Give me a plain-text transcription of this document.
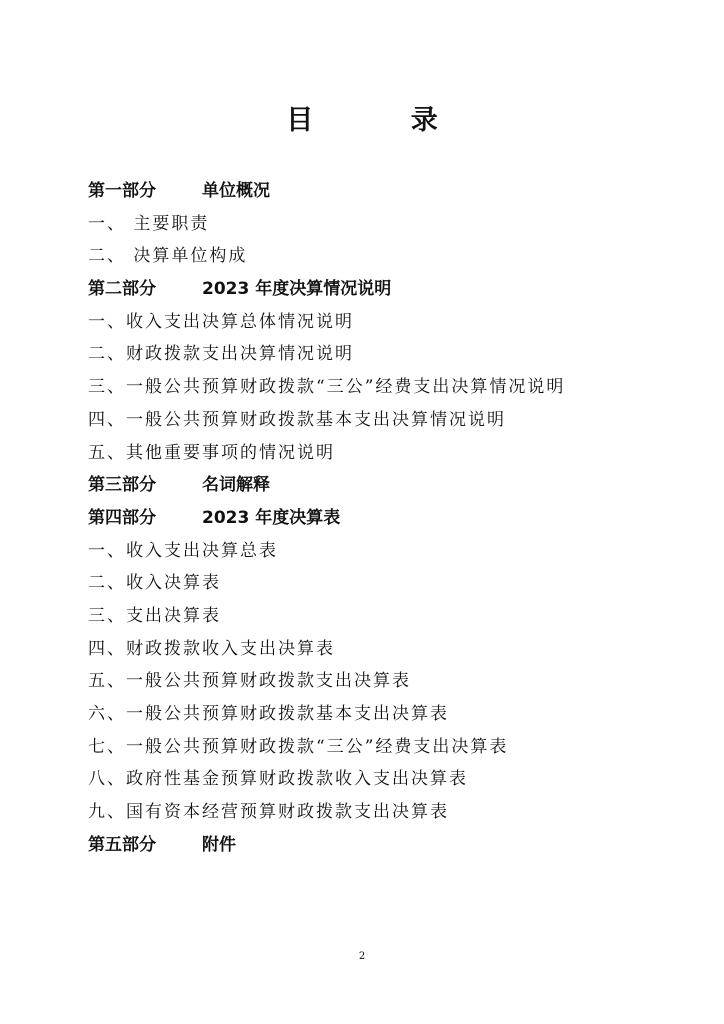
目 录
第一部分	单位概况
一、 主要职责
二、 决算单位构成
第二部分	2023 年度决算情况说明
一、收入支出决算总体情况说明
二、财政拨款支出决算情况说明
三、一般公共预算财政拨款“三公”经费支出决算情况说明
四、一般公共预算财政拨款基本支出决算情况说明
五、其他重要事项的情况说明
第三部分	名词解释
第四部分	2023 年度决算表
一、收入支出决算总表
二、收入决算表
三、支出决算表
四、财政拨款收入支出决算表
五、一般公共预算财政拨款支出决算表
六、一般公共预算财政拨款基本支出决算表
七、一般公共预算财政拨款“三公”经费支出决算表
八、政府性基金预算财政拨款收入支出决算表
九、国有资本经营预算财政拨款支出决算表
第五部分	附件
2
